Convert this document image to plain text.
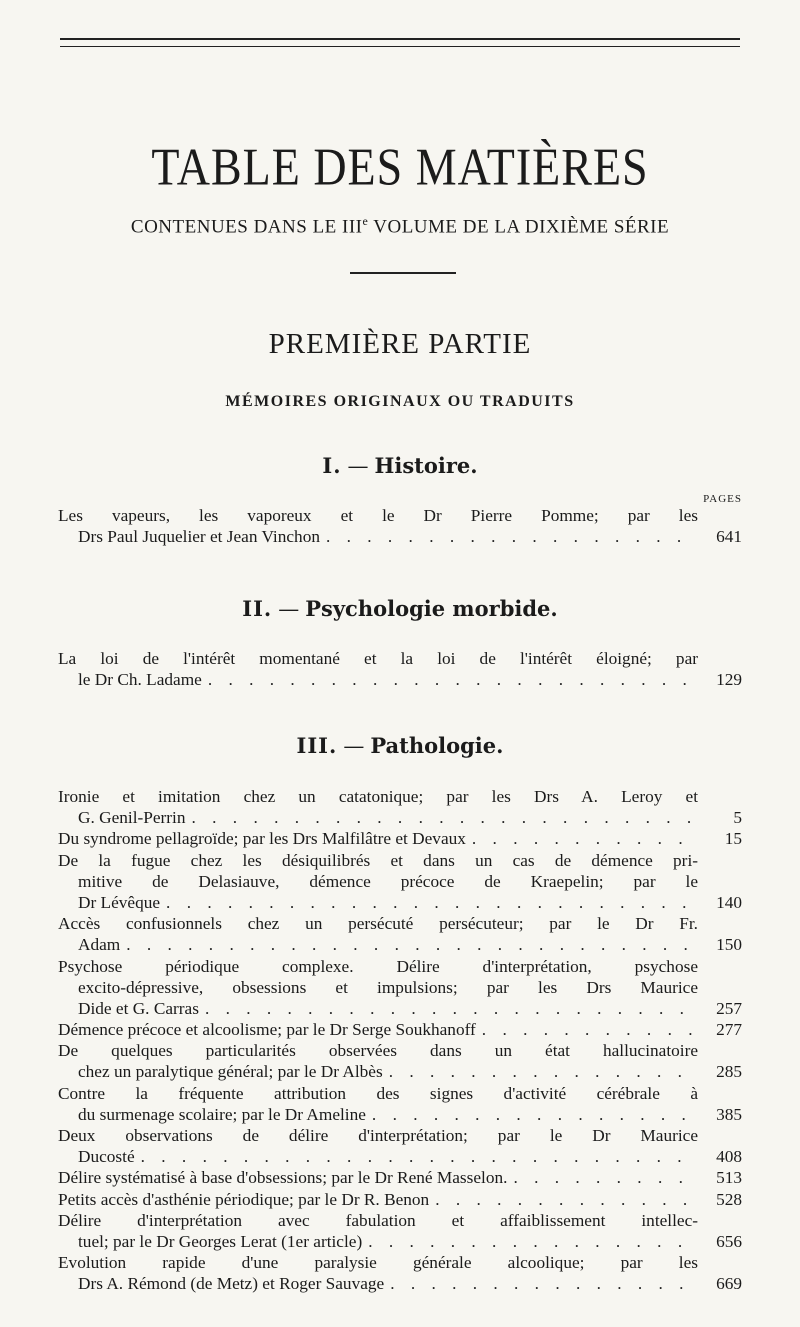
TABLE DES MATIÈRES
CONTENUES DANS LE IIIe VOLUME DE LA DIXIÈME SÉRIE
PREMIÈRE PARTIE
MÉMOIRES ORIGINAUX OU TRADUITS
I. — Histoire.
PAGES
Les vapeurs, les vaporeux et le Dr Pierre Pomme; par les
Drs Paul Juquelier et Jean Vinchon . . .	641
II. — Psychologie morbide.
La loi de l'intérêt momentané et la loi de l'intérêt éloigné; par
le Dr Ch. Ladame . . .	129
III. — Pathologie.
Ironie et imitation chez un catatonique; par les Drs A. Leroy et
G. Genil-Perrin . . .	5
Du syndrome pellagroïde; par les Drs Malfilâtre et Devaux . . .	15
De la fugue chez les désiquilibrés et dans un cas de démence pri-
mitive de Delasiauve, démence précoce de Kraepelin; par le
Dr Lévêque . . .	140
Accès confusionnels chez un persécuté persécuteur; par le Dr Fr.
Adam . . .	150
Psychose périodique complexe. Délire d'interprétation, psychose
excito-dépressive, obsessions et impulsions; par les Drs Maurice
Dide et G. Carras . . .	257
Démence précoce et alcoolisme; par le Dr Serge Soukhanoff . . .	277
De quelques particularités observées dans un état hallucinatoire
chez un paralytique général; par le Dr Albès . . .	285
Contre la fréquente attribution des signes d'activité cérébrale à
du surmenage scolaire; par le Dr Ameline . . .	385
Deux observations de délire d'interprétation; par le Dr Maurice
Ducosté . . .	408
Délire systématisé à base d'obsessions; par le Dr René Masselon. . . .	513
Petits accès d'asthénie périodique; par le Dr R. Benon . . .	528
Délire d'interprétation avec fabulation et affaiblissement intellec-
tuel; par le Dr Georges Lerat (1er article) . . .	656
Evolution rapide d'une paralysie générale alcoolique; par les
Drs A. Rémond (de Metz) et Roger Sauvage . . .	669
